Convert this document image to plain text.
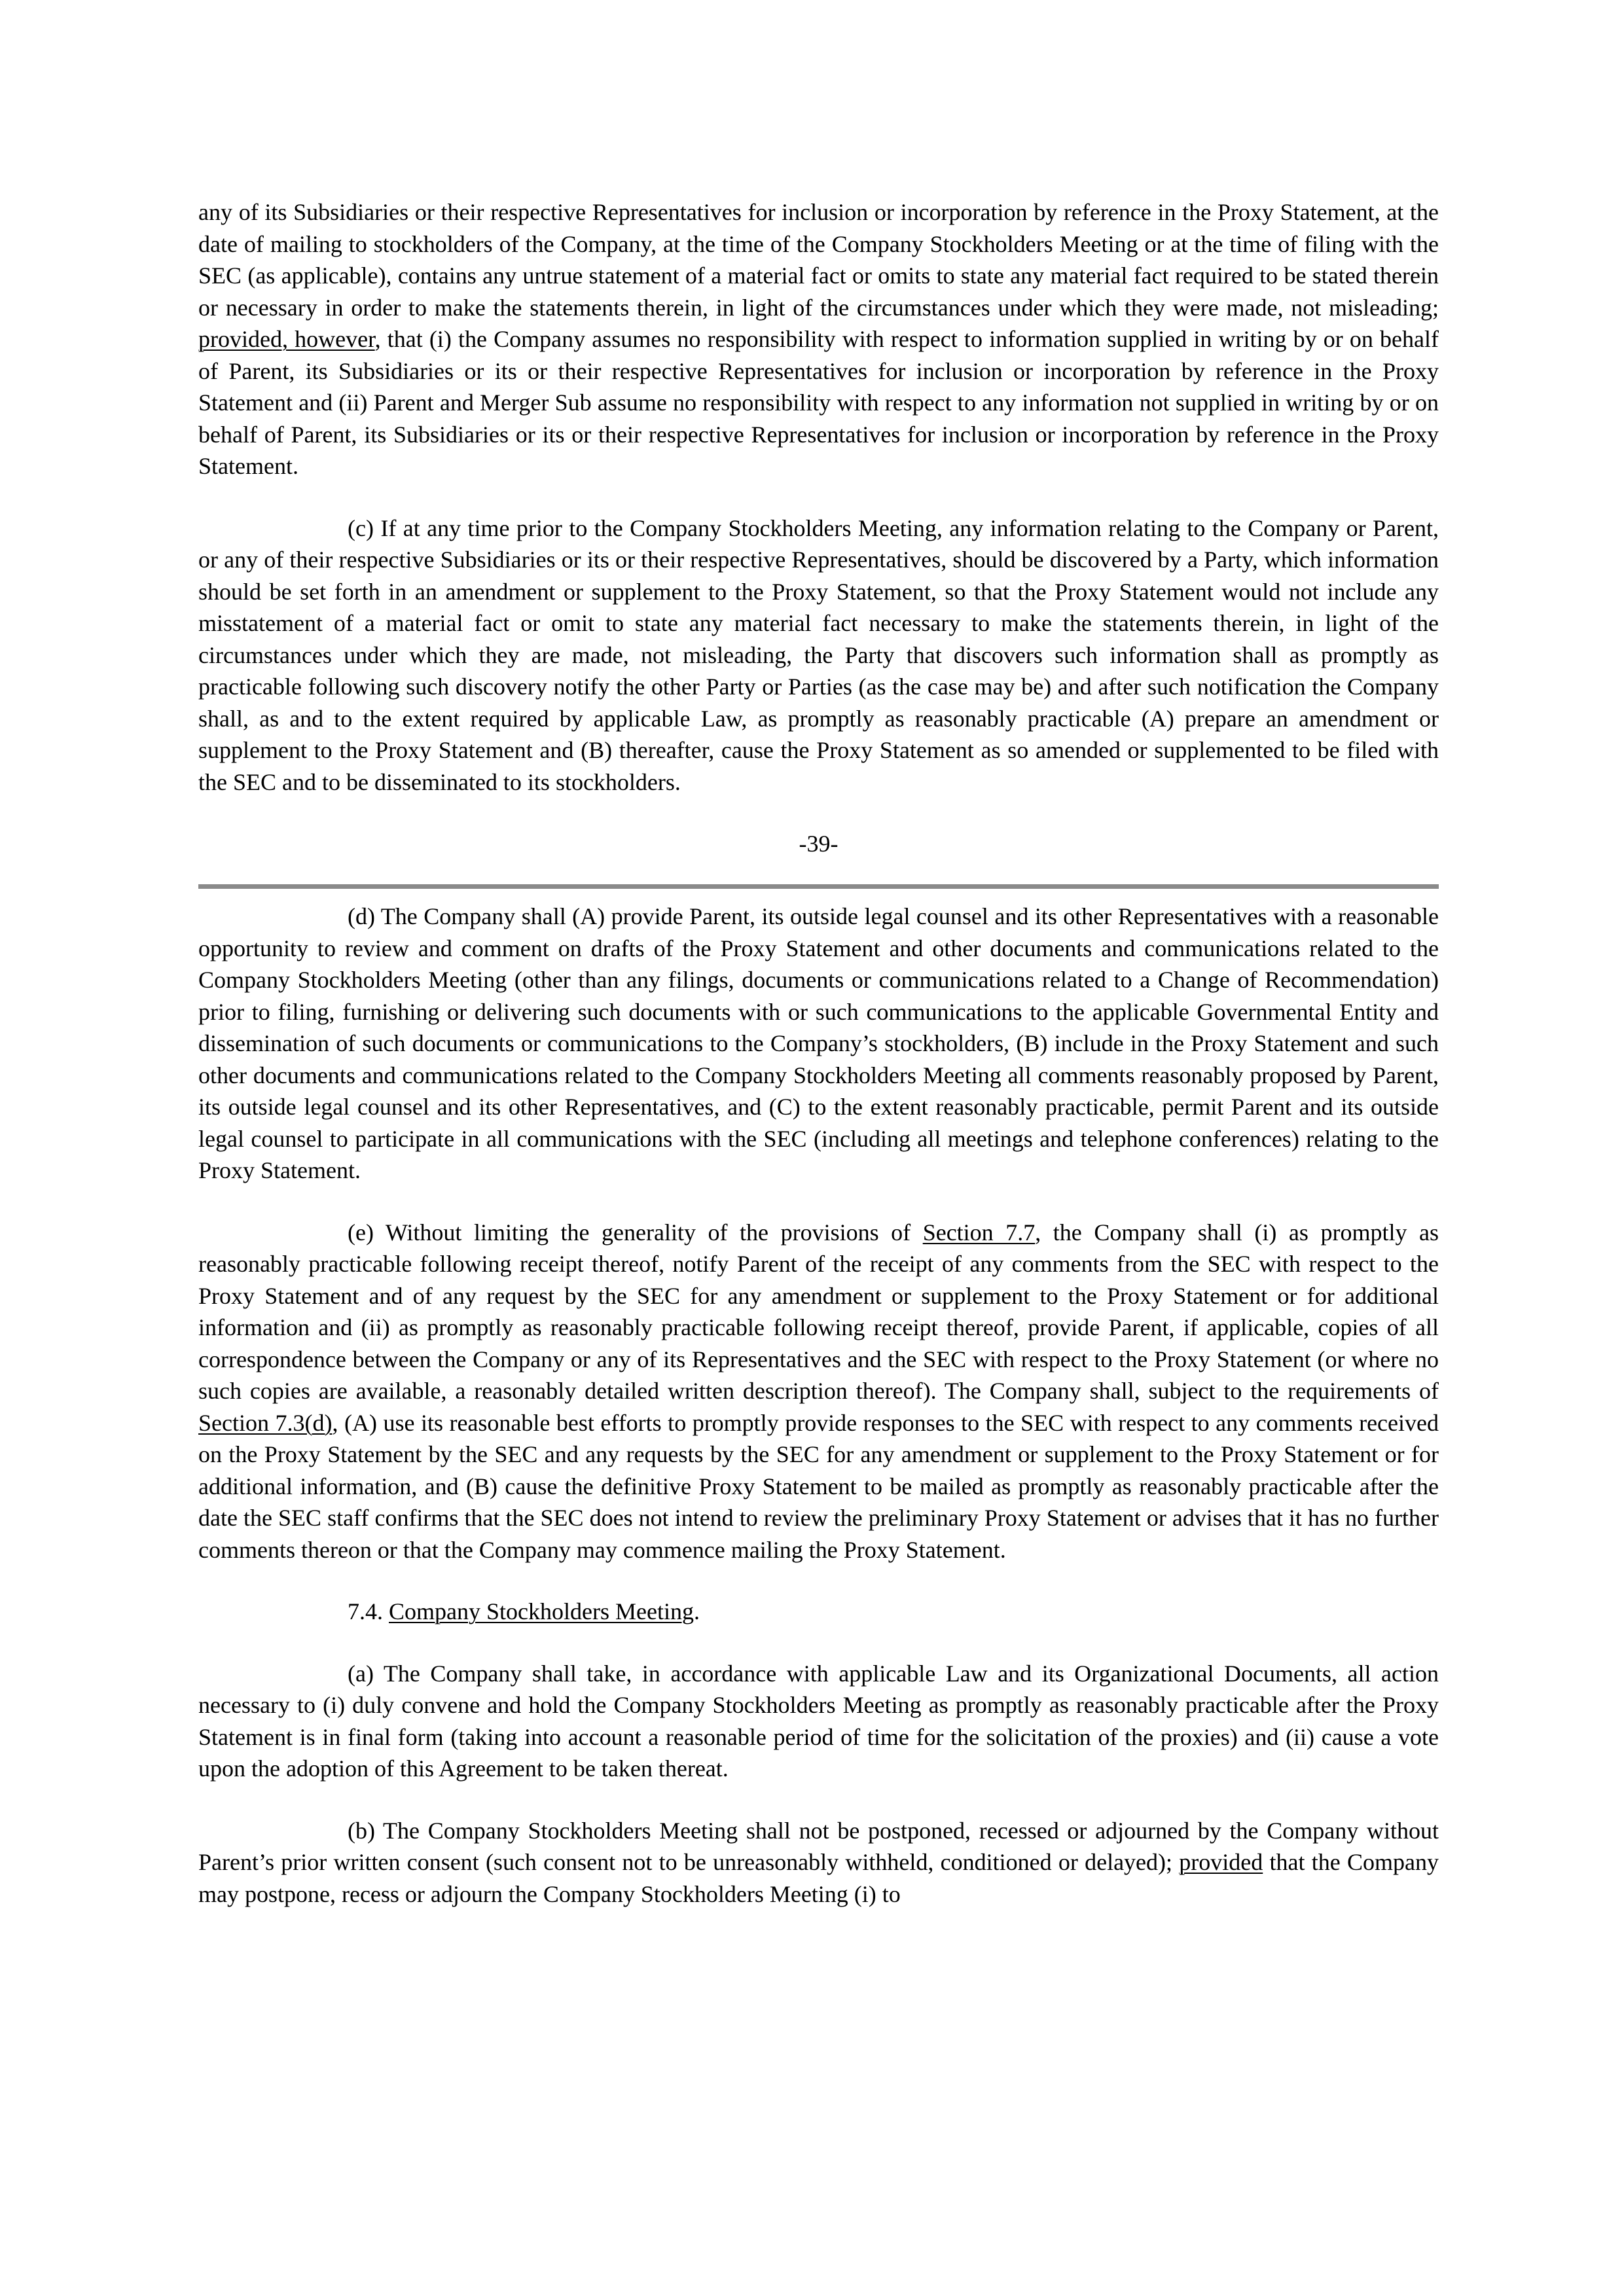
any of its Subsidiaries or their respective Representatives for inclusion or incorporation by reference in the Proxy Statement, at the date of mailing to stockholders of the Company, at the time of the Company Stockholders Meeting or at the time of filing with the SEC (as applicable), contains any untrue statement of a material fact or omits to state any material fact required to be stated therein or necessary in order to make the statements therein, in light of the circumstances under which they were made, not misleading; provided, however, that (i) the Company assumes no responsibility with respect to information supplied in writing by or on behalf of Parent, its Subsidiaries or its or their respective Representatives for inclusion or incorporation by reference in the Proxy Statement and (ii) Parent and Merger Sub assume no responsibility with respect to any information not supplied in writing by or on behalf of Parent, its Subsidiaries or its or their respective Representatives for inclusion or incorporation by reference in the Proxy Statement.

(c) If at any time prior to the Company Stockholders Meeting, any information relating to the Company or Parent, or any of their respective Subsidiaries or its or their respective Representatives, should be discovered by a Party, which information should be set forth in an amendment or supplement to the Proxy Statement, so that the Proxy Statement would not include any misstatement of a material fact or omit to state any material fact necessary to make the statements therein, in light of the circumstances under which they are made, not misleading, the Party that discovers such information shall as promptly as practicable following such discovery notify the other Party or Parties (as the case may be) and after such notification the Company shall, as and to the extent required by applicable Law, as promptly as reasonably practicable (A) prepare an amendment or supplement to the Proxy Statement and (B) thereafter, cause the Proxy Statement as so amended or supplemented to be filed with the SEC and to be disseminated to its stockholders.

-39-

(d) The Company shall (A) provide Parent, its outside legal counsel and its other Representatives with a reasonable opportunity to review and comment on drafts of the Proxy Statement and other documents and communications related to the Company Stockholders Meeting (other than any filings, documents or communications related to a Change of Recommendation) prior to filing, furnishing or delivering such documents with or such communications to the applicable Governmental Entity and dissemination of such documents or communications to the Company’s stockholders, (B) include in the Proxy Statement and such other documents and communications related to the Company Stockholders Meeting all comments reasonably proposed by Parent, its outside legal counsel and its other Representatives, and (C) to the extent reasonably practicable, permit Parent and its outside legal counsel to participate in all communications with the SEC (including all meetings and telephone conferences) relating to the Proxy Statement.

(e) Without limiting the generality of the provisions of Section 7.7, the Company shall (i) as promptly as reasonably practicable following receipt thereof, notify Parent of the receipt of any comments from the SEC with respect to the Proxy Statement and of any request by the SEC for any amendment or supplement to the Proxy Statement or for additional information and (ii) as promptly as reasonably practicable following receipt thereof, provide Parent, if applicable, copies of all correspondence between the Company or any of its Representatives and the SEC with respect to the Proxy Statement (or where no such copies are available, a reasonably detailed written description thereof). The Company shall, subject to the requirements of Section 7.3(d), (A) use its reasonable best efforts to promptly provide responses to the SEC with respect to any comments received on the Proxy Statement by the SEC and any requests by the SEC for any amendment or supplement to the Proxy Statement or for additional information, and (B) cause the definitive Proxy Statement to be mailed as promptly as reasonably practicable after the date the SEC staff confirms that the SEC does not intend to review the preliminary Proxy Statement or advises that it has no further comments thereon or that the Company may commence mailing the Proxy Statement.

7.4. Company Stockholders Meeting.

(a) The Company shall take, in accordance with applicable Law and its Organizational Documents, all action necessary to (i) duly convene and hold the Company Stockholders Meeting as promptly as reasonably practicable after the Proxy Statement is in final form (taking into account a reasonable period of time for the solicitation of the proxies) and (ii) cause a vote upon the adoption of this Agreement to be taken thereat.

(b) The Company Stockholders Meeting shall not be postponed, recessed or adjourned by the Company without Parent’s prior written consent (such consent not to be unreasonably withheld, conditioned or delayed); provided that the Company may postpone, recess or adjourn the Company Stockholders Meeting (i) to
